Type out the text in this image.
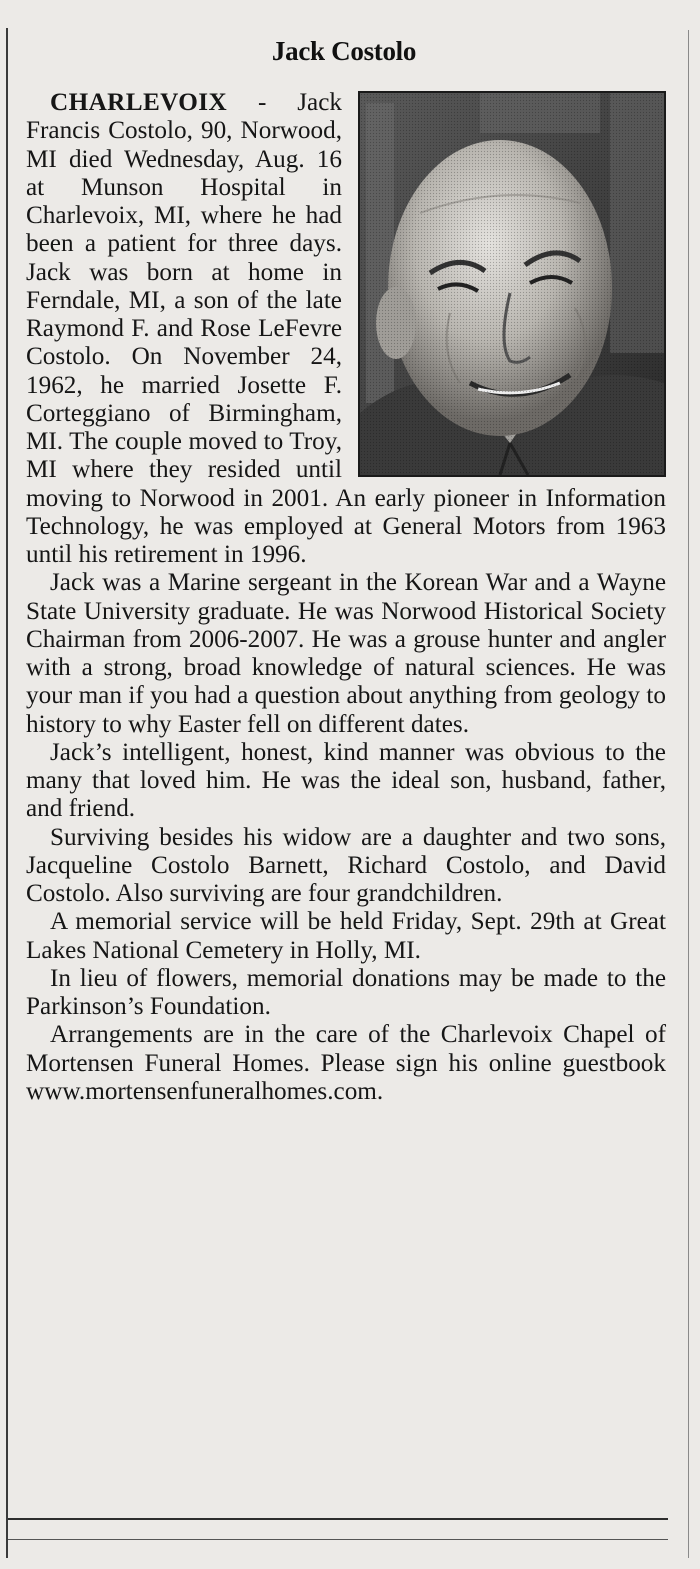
Jack Costolo

CHARLEVOIX - Jack Francis Costolo, 90, Norwood, MI died Wednesday, Aug. 16 at Munson Hospital in Charlevoix, MI, where he had been a patient for three days. Jack was born at home in Ferndale, MI, a son of the late Raymond F. and Rose LeFevre Costolo. On November 24, 1962, he married Josette F. Corteggiano of Birmingham, MI. The couple moved to Troy, MI where they resided until moving to Norwood in 2001. An early pioneer in Information Technology, he was employed at General Motors from 1963 until his retirement in 1996.

Jack was a Marine sergeant in the Korean War and a Wayne State University graduate. He was Norwood Historical Society Chairman from 2006-2007. He was a grouse hunter and angler with a strong, broad knowledge of natural sciences. He was your man if you had a question about anything from geology to history to why Easter fell on different dates.

Jack’s intelligent, honest, kind manner was obvious to the many that loved him. He was the ideal son, husband, father, and friend.

Surviving besides his widow are a daughter and two sons, Jacqueline Costolo Barnett, Richard Costolo, and David Costolo. Also surviving are four grandchildren.

A memorial service will be held Friday, Sept. 29th at Great Lakes National Cemetery in Holly, MI.

In lieu of flowers, memorial donations may be made to the Parkinson’s Foundation.

Arrangements are in the care of the Charlevoix Chapel of Mortensen Funeral Homes. Please sign his online guestbook www.mortensenfuneralhomes.com.
